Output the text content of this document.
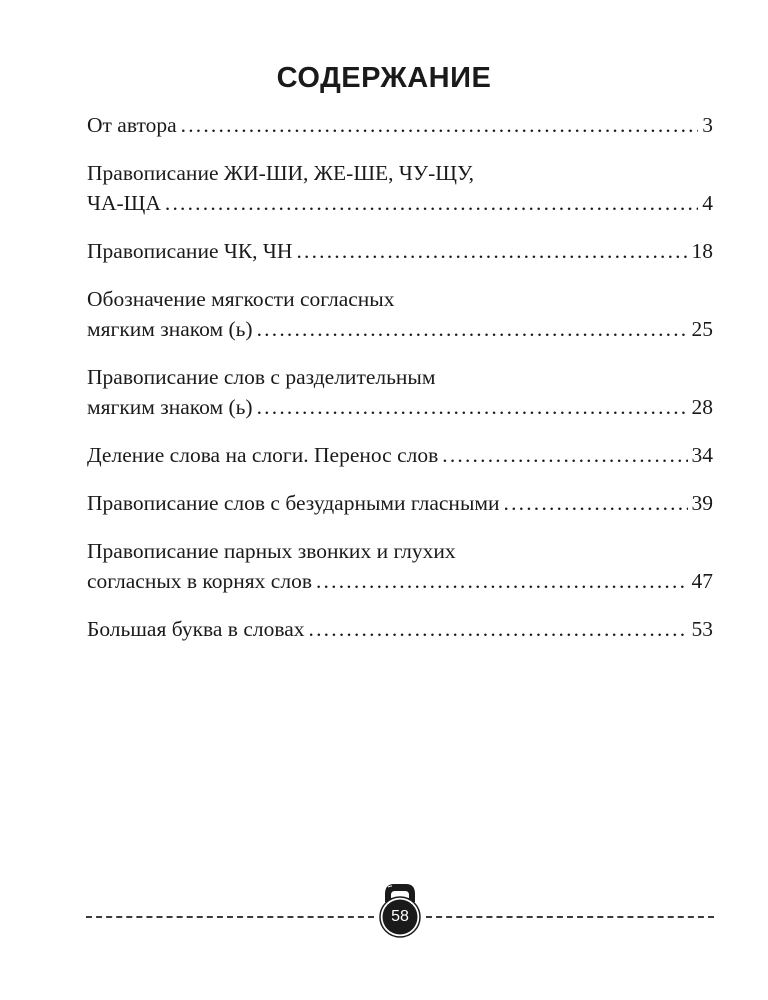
СОДЕРЖАНИЕ
От автора .....	3
Правописание ЖИ-ШИ, ЖЕ-ШЕ, ЧУ-ЩУ,
ЧА-ЩА .....	4
Правописание ЧК, ЧН .....	18
Обозначение мягкости согласных
мягким знаком (ь) .....	25
Правописание слов с разделительным
мягким знаком (ь) .....	28
Деление слова на слоги. Перенос слов .....	34
Правописание слов с безударными гласными .....	39
Правописание парных звонких и глухих
согласных в корнях слов .....	47
Большая буква в словах .....	53
58
